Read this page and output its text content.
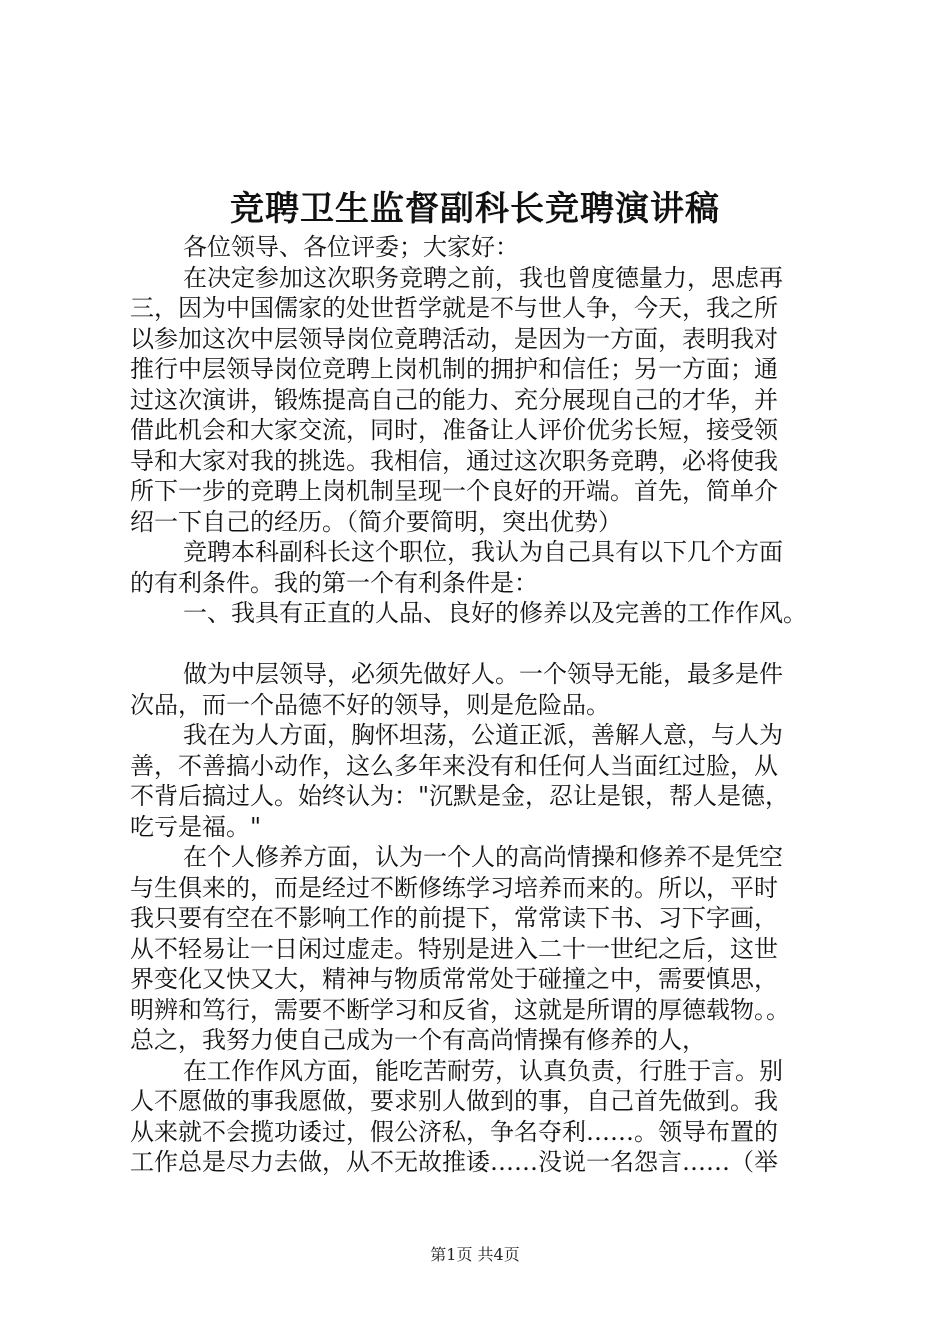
竞聘卫生监督副科长竞聘演讲稿
各位领导、各位评委；大家好：
在决定参加这次职务竞聘之前，我也曾度德量力，思虑再
三，因为中国儒家的处世哲学就是不与世人争，今天，我之所
以参加这次中层领导岗位竟聘活动，是因为一方面，表明我对
推行中层领导岗位竞聘上岗机制的拥护和信任；另一方面；通
过这次演讲，锻炼提高自己的能力、充分展现自己的才华，并
借此机会和大家交流，同时，准备让人评价优劣长短，接受领
导和大家对我的挑选。我相信，通过这次职务竞聘，必将使我
所下一步的竞聘上岗机制呈现一个良好的开端。首先，简单介
绍一下自己的经历。（简介要简明，突出优势）
竞聘本科副科长这个职位，我认为自己具有以下几个方面
的有利条件。我的第一个有利条件是：
一、我具有正直的人品、良好的修养以及完善的工作作风。
做为中层领导，必须先做好人。一个领导无能，最多是件
次品，而一个品德不好的领导，则是危险品。
我在为人方面，胸怀坦荡，公道正派，善解人意，与人为
善，不善搞小动作，这么多年来没有和任何人当面红过脸，从
不背后搞过人。始终认为："沉默是金，忍让是银，帮人是德，
吃亏是福。"
在个人修养方面，认为一个人的高尚情操和修养不是凭空
与生俱来的，而是经过不断修练学习培养而来的。所以，平时
我只要有空在不影响工作的前提下，常常读下书、习下字画，
从不轻易让一日闲过虚走。特别是进入二十一世纪之后，这世
界变化又快又大，精神与物质常常处于碰撞之中，需要慎思，
明辨和笃行，需要不断学习和反省，这就是所谓的厚德载物。。
总之，我努力使自己成为一个有高尚情操有修养的人，
在工作作风方面，能吃苦耐劳，认真负责，行胜于言。别
人不愿做的事我愿做，要求别人做到的事，自己首先做到。我
从来就不会揽功诿过，假公济私，争名夺利……。领导布置的
工作总是尽力去做，从不无故推诿……没说一名怨言……（举
第1页 共4页
